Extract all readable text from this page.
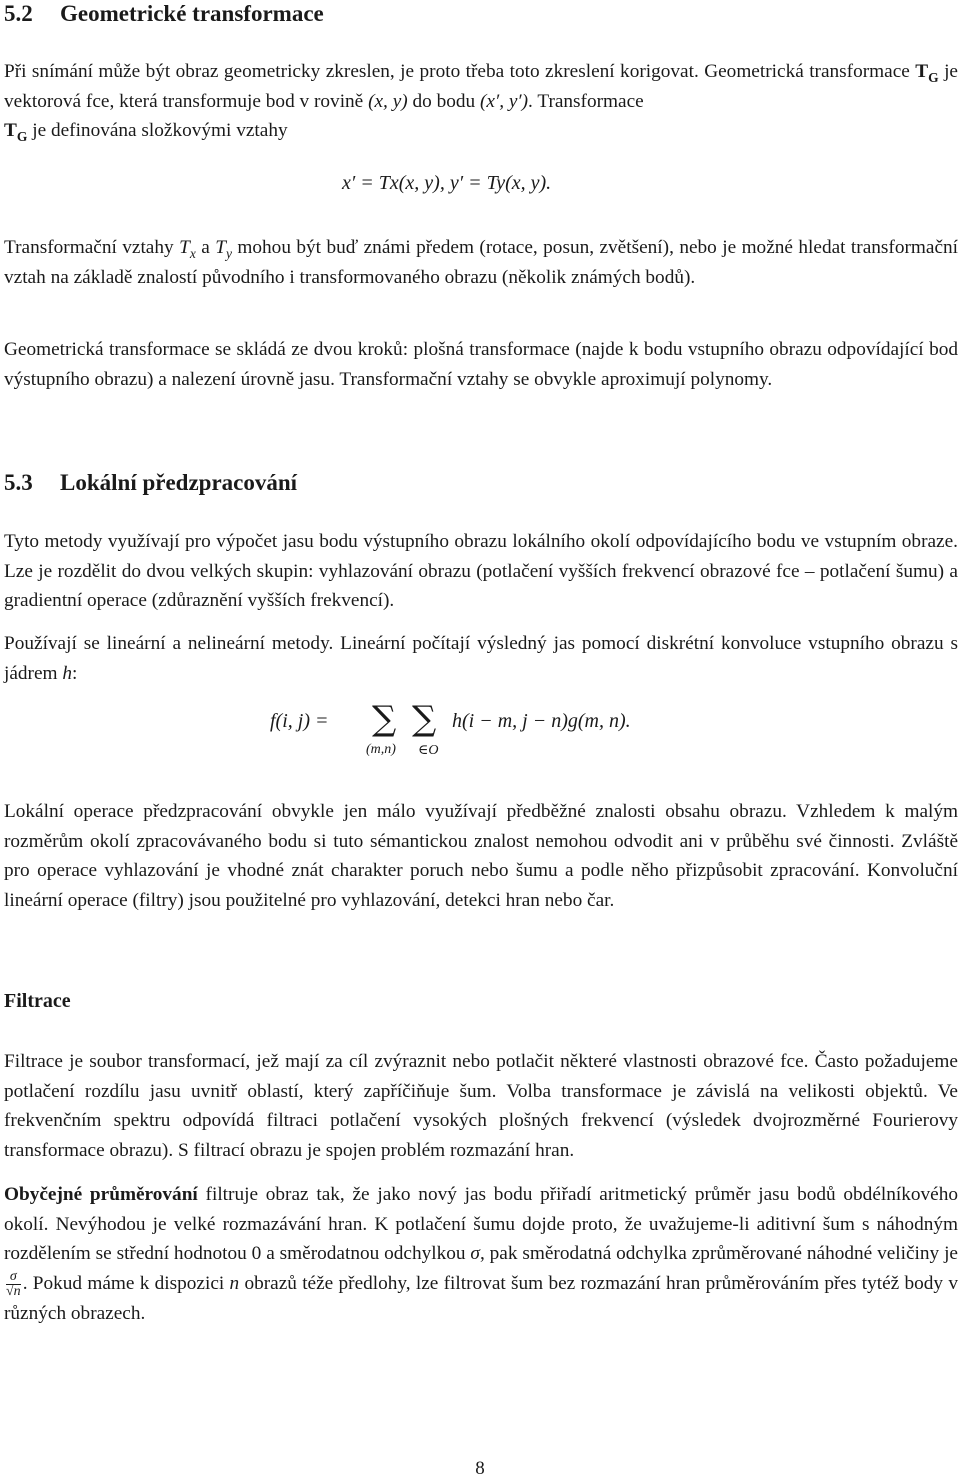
5.2 Geometrické transformace

Při snímání může být obraz geometricky zkreslen, je proto třeba toto zkreslení korigovat. Geometrická transformace $T_G$ je vektorová fce, která transformuje bod v rovině (x, y) do bodu (x′, y′). Transformace
$T_G$ je definována složkovými vztahy

x′ = Tx(x, y), y′ = Ty(x, y).

Transformační vztahy $T_x$ a $T_y$ mohou být buď známi předem (rotace, posun, zvětšení), nebo je možné hledat transformační vztah na základě znalostí původního i transformovaného obrazu (několik známých bodů).

Geometrická transformace se skládá ze dvou kroků: plošná transformace (najde k bodu vstupního obrazu odpovídající bod výstupního obrazu) a nalezení úrovně jasu. Transformační vztahy se obvykle aproximují polynomy.

5.3 Lokální předzpracování

Tyto metody využívají pro výpočet jasu bodu výstupního obrazu lokálního okolí odpovídajícího bodu ve vstupním obraze. Lze je rozdělit do dvou velkých skupin: vyhlazování obrazu (potlačení vyšších frekvencí obrazové fce – potlačení šumu) a gradientní operace (zdůraznění vyšších frekvencí).

Používají se lineární a nelineární metody. Lineární počítají výsledný jas pomocí diskrétní konvoluce vstupního obrazu s jádrem h:

f(i, j) = ∑ ∑
(m,n) ∈O
h(i − m, j − n)g(m, n).

Lokální operace předzpracování obvykle jen málo využívají předběžné znalosti obsahu obrazu. Vzhledem k malým rozměrům okolí zpracovávaného bodu si tuto sémantickou znalost nemohou odvodit ani v průběhu své činnosti. Zvláště pro operace vyhlazování je vhodné znát charakter poruch nebo šumu a podle něho přizpůsobit zpracování. Konvoluční lineární operace (filtry) jsou použitelné pro vyhlazování, detekci hran nebo čar.

Filtrace

Filtrace je soubor transformací, jež mají za cíl zvýraznit nebo potlačit některé vlastnosti obrazové fce. Často požadujeme potlačení rozdílu jasu uvnitř oblastí, který zapříčiňuje šum. Volba transformace je závislá na velikosti objektů. Ve frekvenčním spektru odpovídá filtraci potlačení vysokých plošných frekvencí (výsledek dvojrozměrné Fourierovy transformace obrazu). S filtrací obrazu je spojen problém rozmazání hran.

Obyčejné průměrování filtruje obraz tak, že jako nový jas bodu přiřadí aritmetický průměr jasu bodů obdélníkového okolí. Nevýhodou je velké rozmazávání hran. K potlačení šumu dojde proto, že uvažujeme-li aditivní šum s náhodným rozdělením se střední hodnotou 0 a směrodatnou odchylkou σ, pak směrodatná odchylka zprůměrované náhodné veličiny je
$\frac{\sigma}{√n}$ . Pokud máme k dispozici n obrazů téže předlohy, lze filtrovat šum bez rozmazání hran průměrováním přes tytéž body v různých obrazech.

8
